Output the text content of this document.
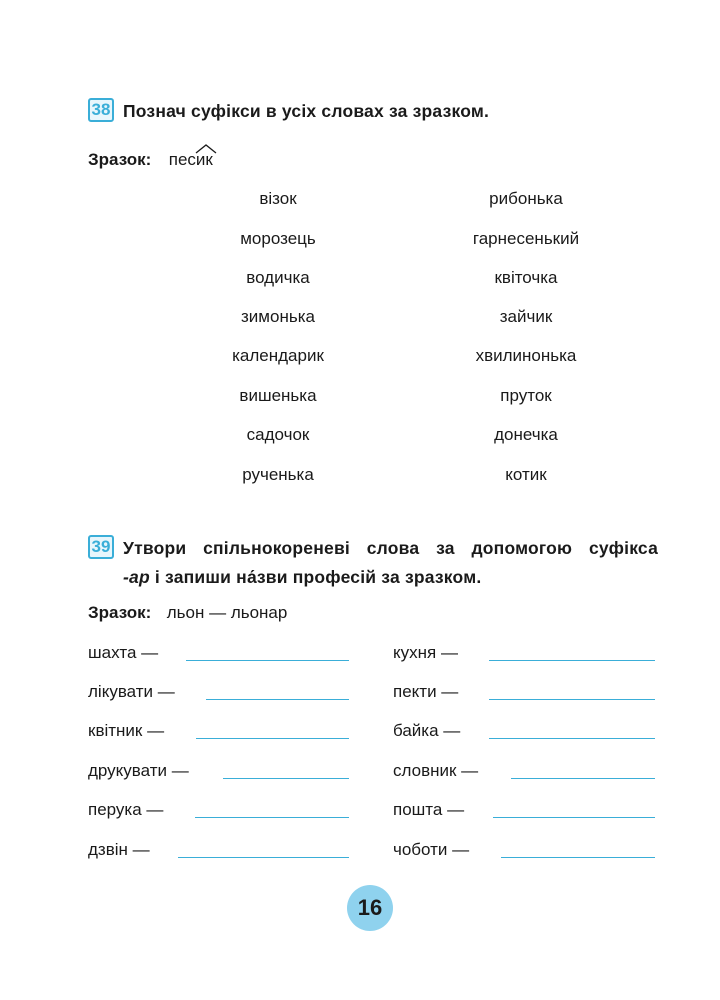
38 Познач суфікси в усіх словах за зразком.
Зразок: пес
ик
візок
морозець
водичка
зимонька
календарик
вишенька
садочок
рученька
рибонька
гарнесенький
квіточка
зайчик
хвилинонька
пруток
донечка
котик
39 Утвори спільнокореневі слова за допомогою суфікса
-ар і запиши на́зви професій за зразком.
Зразок: льон — льонар
шахта —
лікувати —
квітник —
друкувати —
перука —
дзвін —
кухня —
пекти —
байка —
словник —
пошта —
чоботи —
16
